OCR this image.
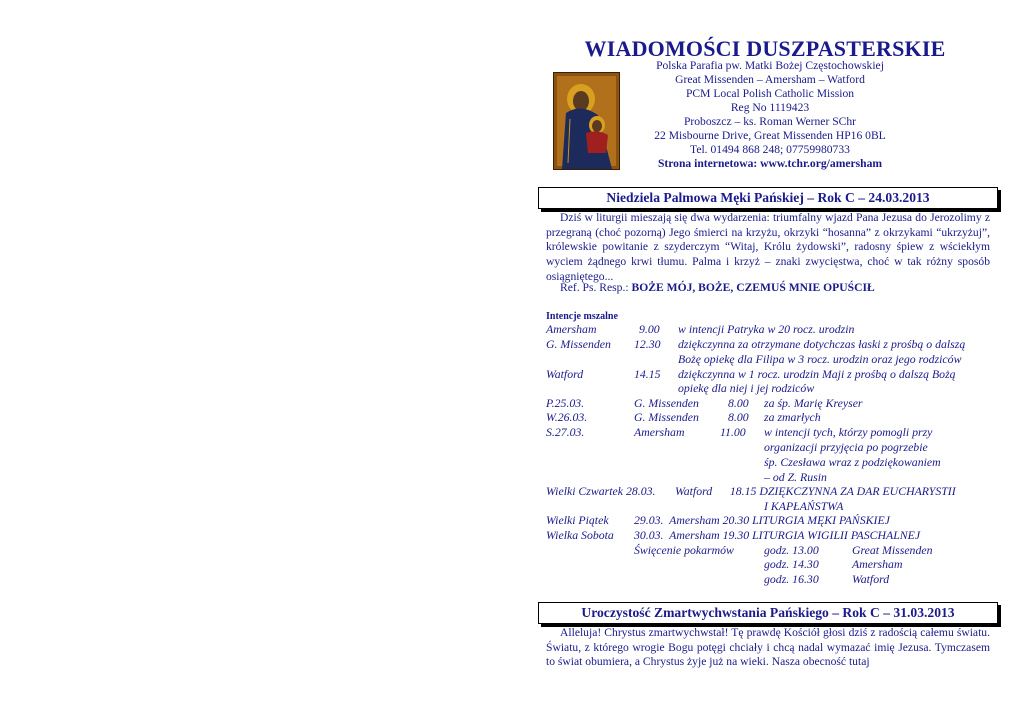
WIADOMOŚCI DUSZPASTERSKIE
Polska Parafia pw. Matki Bożej Częstochowskiej
Great Missenden – Amersham – Watford
PCM Local Polish Catholic Mission
Reg No 1119423
Proboszcz – ks. Roman Werner SChr
22 Misbourne Drive, Great Missenden HP16 0BL
Tel. 01494 868 248; 07759980733
Strona internetowa: www.tchr.org/amersham
Niedziela Palmowa Męki Pańskiej – Rok C – 24.03.2013
Dziś w liturgii mieszają się dwa wydarzenia: triumfalny wjazd Pana Jezusa do Jerozolimy z przegraną (choć pozorną) Jego śmierci na krzyżu, okrzyki “hosanna” z okrzykami “ukrzyżuj”, królewskie powitanie z szyderczym “Witaj, Królu żydowski”, radosny śpiew z wściekłym wyciem żądnego krwi tłumu. Palma i krzyż – znaki zwycięstwa, choć w tak różny sposób osiągniętego...
Ref. Ps. Resp.: BOŻE MÓJ, BOŻE, CZEMUŚ MNIE OPUŚCIŁ
Intencje mszalne
Amersham	9.00 w intencji Patryka w 20 rocz. urodzin
G. Missenden 12.30 dziękczynna za otrzymane dotychczas łaski z prośbą o dalszą
Bożę opiekę dla Filipa w 3 rocz. urodzin oraz jego rodziców
Watford	14.15 dziękczynna w 1 rocz. urodzin Maji z prośbą o dalszą Bożą
opiekę dla niej i jej rodziców
P.25.03.	G. Missenden 8.00 za śp. Marię Kreyser
W.26.03.	G. Missenden 8.00 za zmarłych
S.27.03.	Amersham	11.00 w intencji tych, którzy pomogli przy
organizacji przyjęcia po pogrzebie
śp. Czesława wraz z podziękowaniem
– od Z. Rusin
Wielki Czwartek 28.03. Watford      18.15 DZIĘKCZYNNA ZA DAR EUCHARYSTII
I KAPŁAŃSTWA
Wielki Piątek 29.03.  Amersham 20.30 LITURGIA MĘKI PAŃSKIEJ
Wielka Sobota 30.03.  Amersham 19.30 LITURGIA WIGILII PASCHALNEJ
Święcenie pokarmów	godz. 13.00	Great Missenden
godz. 14.30	Amersham
godz. 16.30	Watford
Uroczystość Zmartwychwstania Pańskiego – Rok C – 31.03.2013
Alleluja! Chrystus zmartwychwstał! Tę prawdę Kościół głosi dziś z radością całemu światu. Światu, z którego wrogie Bogu potęgi chciały i chcą nadal wymazać imię Jezusa. Tymczasem to świat obumiera, a Chrystus żyje już na wieki. Nasza obecność tutaj
